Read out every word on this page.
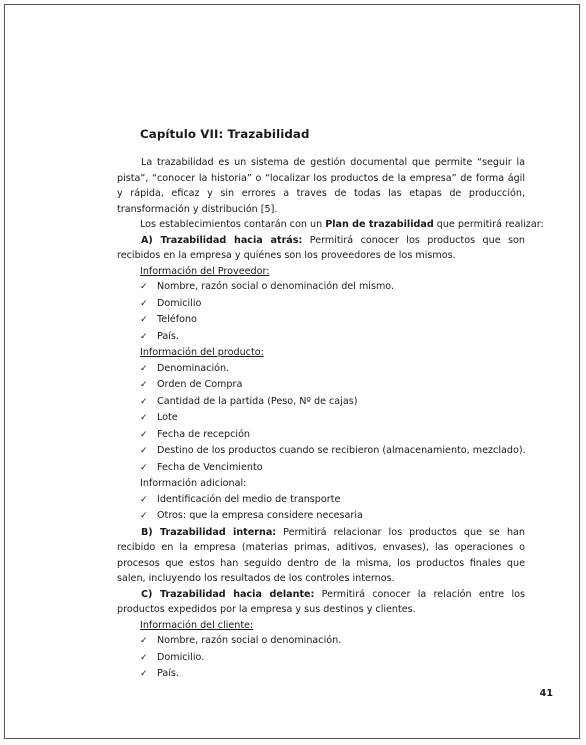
Capítulo VII: Trazabilidad

La trazabilidad es un sistema de gestión documental que permite “seguir la pista”, “conocer la historia” o “localizar los productos de la empresa” de forma ágil y rápida, eficaz y sin errores a traves de todas las etapas de producción, transformación y distribución [5].

Los establecimientos contarán con un Plan de trazabilidad que permitirá realizar:

A) Trazabilidad hacia atrás: Permitirá conocer los productos que son recibidos en la empresa y quiénes son los proveedores de los mismos.

Información del Proveedor:
✓ Nombre, razón social o denominación del mismo.
✓ Domicilio
✓ Teléfono
✓ País.
Información del producto:
✓ Denominación.
✓ Orden de Compra
✓ Cantidad de la partida (Peso, Nº de cajas)
✓ Lote
✓ Fecha de recepción
✓ Destino de los productos cuando se recibieron (almacenamiento, mezclado).
✓ Fecha de Vencimiento
Información adicional:
✓ Identificación del medio de transporte
✓ Otros: que la empresa considere necesaria

B) Trazabilidad interna: Permitirá relacionar los productos que se han recibido en la empresa (materias primas, aditivos, envases), las operaciones o procesos que estos han seguido dentro de la misma, los productos finales que salen, incluyendo los resultados de los controles internos.

C) Trazabilidad hacia delante: Permitirá conocer la relación entre los productos expedidos por la empresa y sus destinos y clientes.

Información del cliente:
✓ Nombre, razón social o denominación.
✓ Domicilio.
✓ País.
41
